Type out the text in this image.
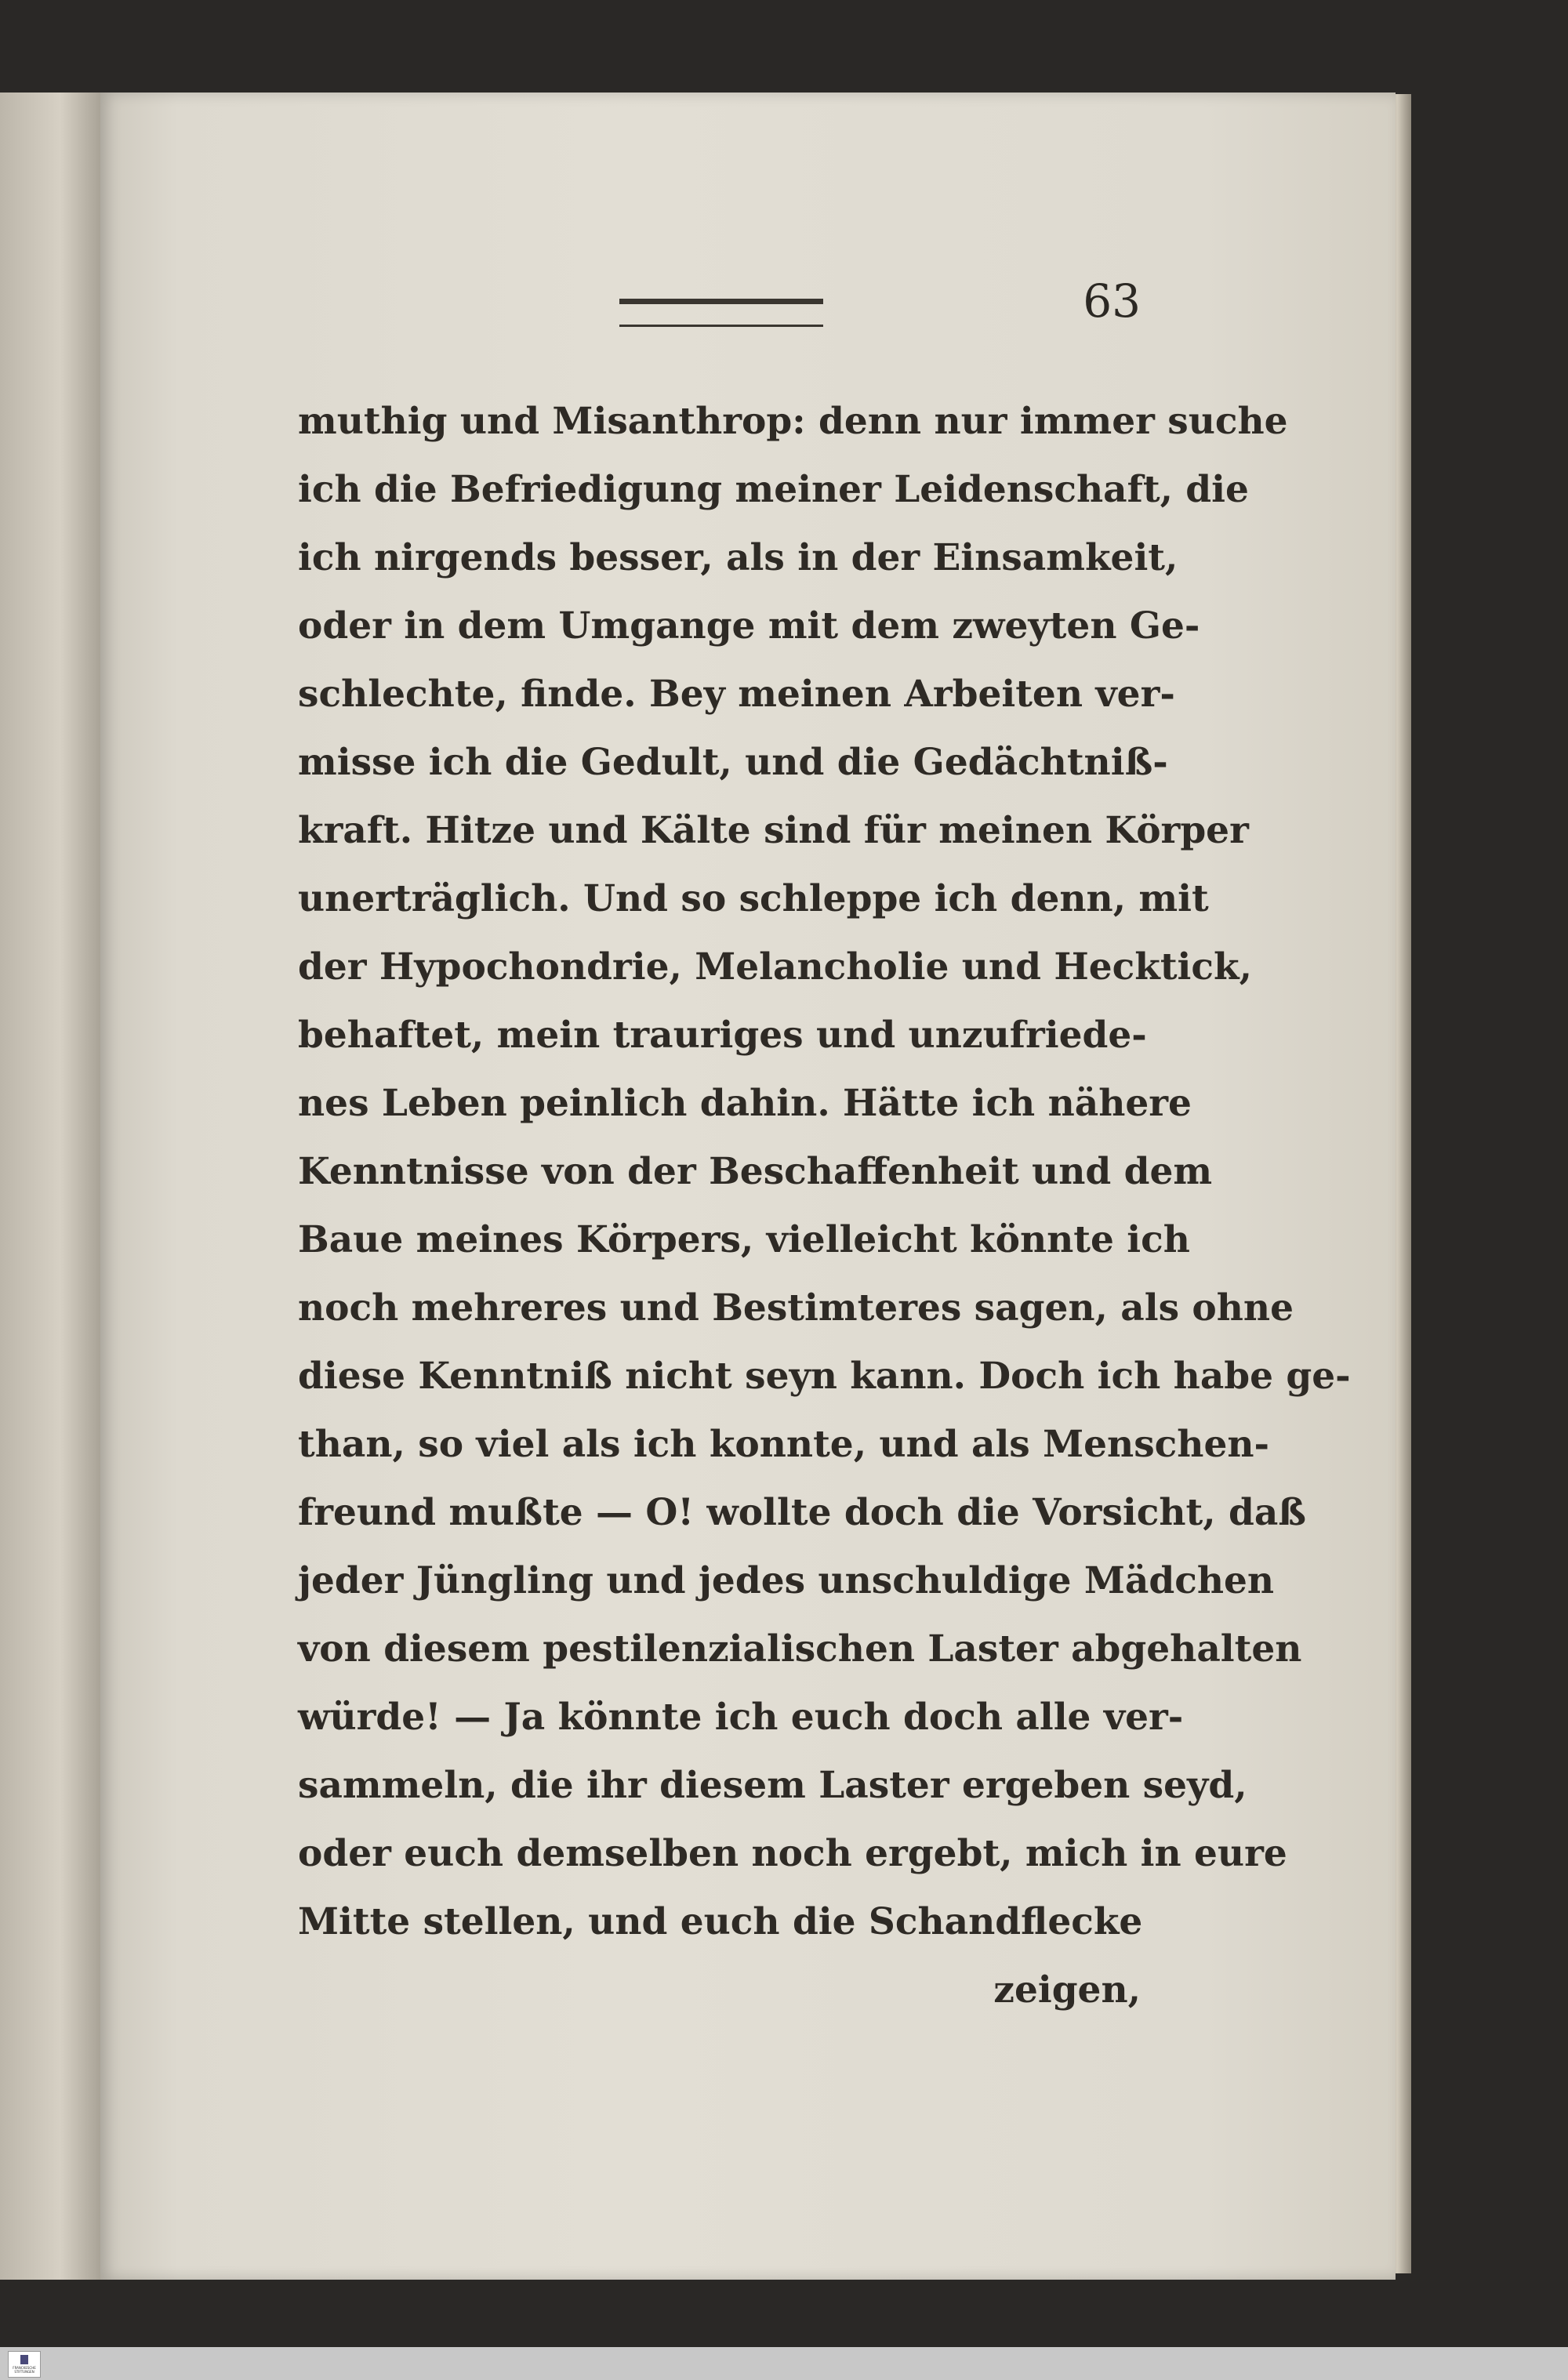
63
muthig und Misanthrop: denn nur immer suche
ich die Befriedigung meiner Leidenschaft, die
ich nirgends besser, als in der Einsamkeit,
oder in dem Umgange mit dem zweyten Ge-
schlechte, finde. Bey meinen Arbeiten ver-
misse ich die Gedult, und die Gedächtniß-
kraft. Hitze und Kälte sind für meinen Körper
unerträglich. Und so schleppe ich denn, mit
der Hypochondrie, Melancholie und Hecktick,
behaftet, mein trauriges und unzufriede-
nes Leben peinlich dahin. Hätte ich nähere
Kenntnisse von der Beschaffenheit und dem
Baue meines Körpers, vielleicht könnte ich
noch mehreres und Bestimteres sagen, als ohne
diese Kenntniß nicht seyn kann. Doch ich habe ge-
than, so viel als ich konnte, und als Menschen-
freund mußte — O! wollte doch die Vorsicht, daß
jeder Jüngling und jedes unschuldige Mädchen
von diesem pestilenzialischen Laster abgehalten
würde! — Ja könnte ich euch doch alle ver-
sammeln, die ihr diesem Laster ergeben seyd,
oder euch demselben noch ergebt, mich in eure
Mitte stellen, und euch die Schandflecke
zeigen,
FRANCKESCHE STIFTUNGEN
